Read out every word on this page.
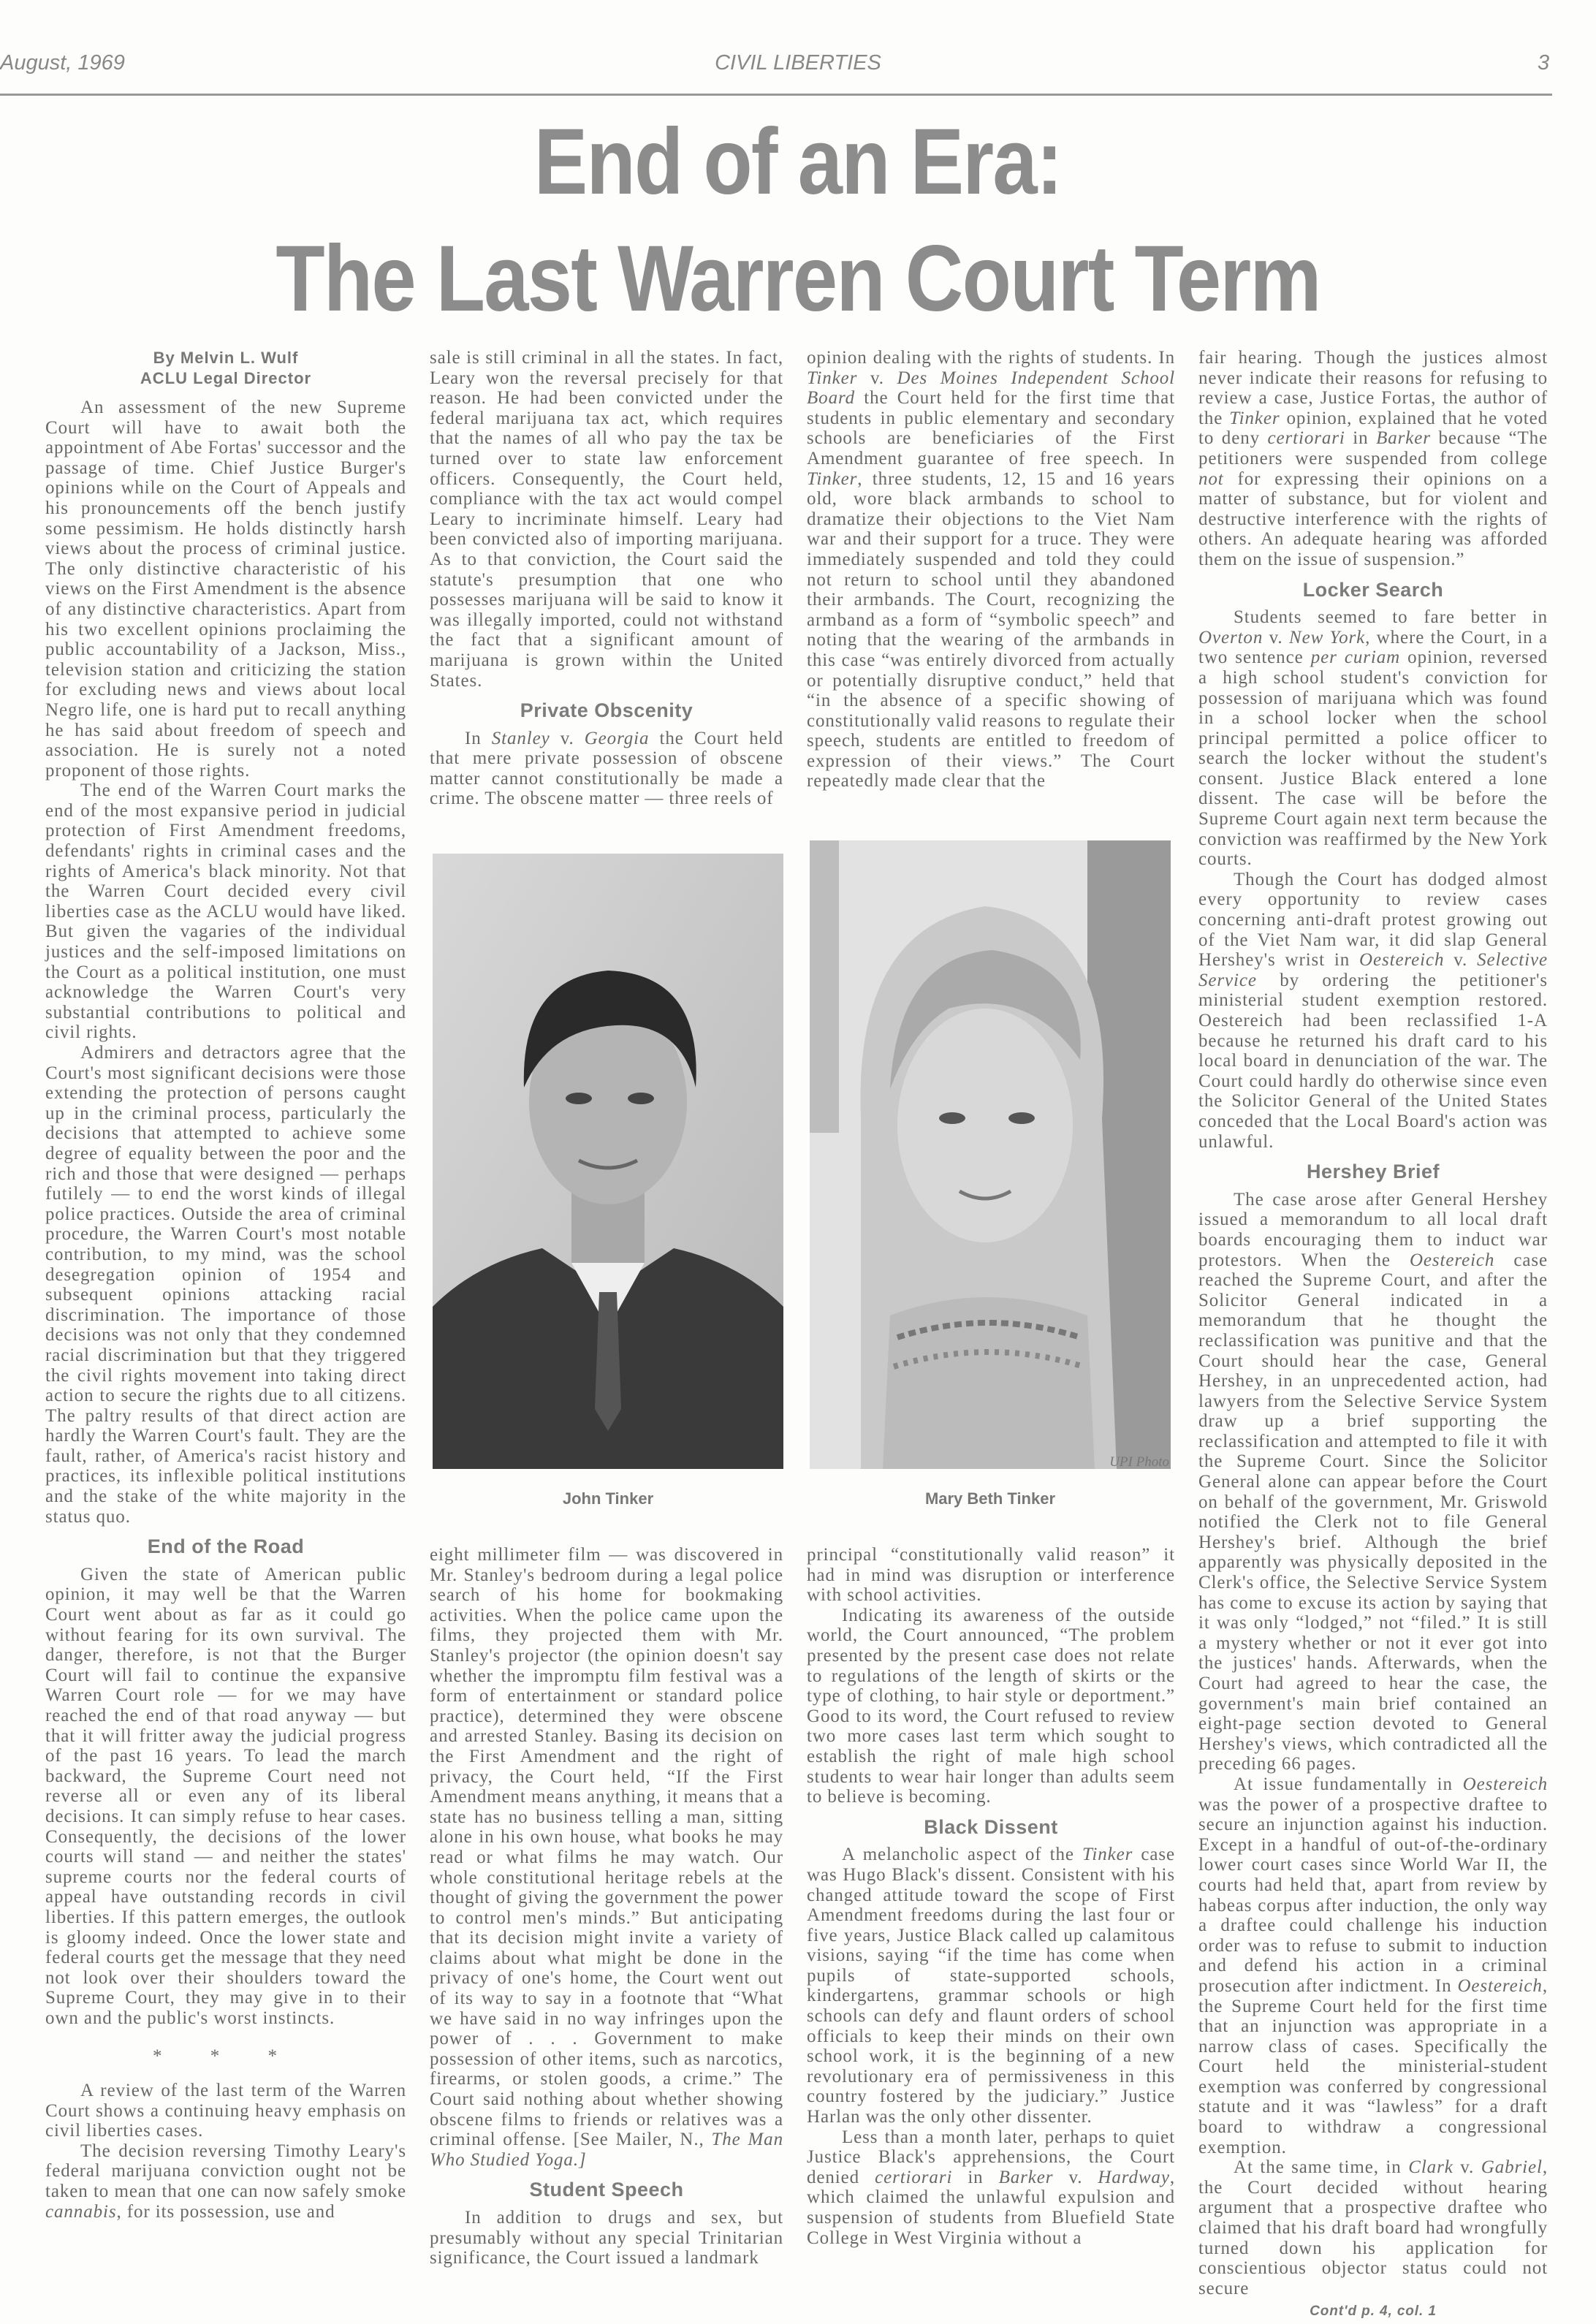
August, 1969	CIVIL LIBERTIES	3
End of an Era:
The Last Warren Court Term
By Melvin L. Wulf
ACLU Legal Director

An assessment of the new Supreme Court will have to await both the appointment of Abe Fortas' successor and the passage of time. Chief Justice Burger's opinions while on the Court of Appeals and his pronouncements off the bench justify some pessimism. He holds distinctly harsh views about the process of criminal justice. The only distinctive characteristic of his views on the First Amendment is the absence of any distinctive characteristics. Apart from his two excellent opinions proclaiming the public accountability of a Jackson, Miss., television station and criticizing the station for excluding news and views about local Negro life, one is hard put to recall anything he has said about freedom of speech and association. He is surely not a noted proponent of those rights.

The end of the Warren Court marks the end of the most expansive period in judicial protection of First Amendment freedoms, defendants' rights in criminal cases and the rights of America's black minority. Not that the Warren Court decided every civil liberties case as the ACLU would have liked. But given the vagaries of the individual justices and the self-imposed limitations on the Court as a political institution, one must acknowledge the Warren Court's very substantial contributions to political and civil rights.

Admirers and detractors agree that the Court's most significant decisions were those extending the protection of persons caught up in the criminal process, particularly the decisions that attempted to achieve some degree of equality between the poor and the rich and those that were designed — perhaps futilely — to end the worst kinds of illegal police practices. Outside the area of criminal procedure, the Warren Court's most notable contribution, to my mind, was the school desegregation opinion of 1954 and subsequent opinions attacking racial discrimination. The importance of those decisions was not only that they condemned racial discrimination but that they triggered the civil rights movement into taking direct action to secure the rights due to all citizens. The paltry results of that direct action are hardly the Warren Court's fault. They are the fault, rather, of America's racist history and practices, its inflexible political institutions and the stake of the white majority in the status quo.

End of the Road

Given the state of American public opinion, it may well be that the Warren Court went about as far as it could go without fearing for its own survival. The danger, therefore, is not that the Burger Court will fail to continue the expansive Warren Court role — for we may have reached the end of that road anyway — but that it will fritter away the judicial progress of the past 16 years. To lead the march backward, the Supreme Court need not reverse all or even any of its liberal decisions. It can simply refuse to hear cases. Consequently, the decisions of the lower courts will stand — and neither the states' supreme courts nor the federal courts of appeal have outstanding records in civil liberties. If this pattern emerges, the outlook is gloomy indeed. Once the lower state and federal courts get the message that they need not look over their shoulders toward the Supreme Court, they may give in to their own and the public's worst instincts.

* * *

A review of the last term of the Warren Court shows a continuing heavy emphasis on civil liberties cases.

The decision reversing Timothy Leary's federal marijuana conviction ought not be taken to mean that one can now safely smoke cannabis, for its possession, use and

sale is still criminal in all the states. In fact, Leary won the reversal precisely for that reason. He had been convicted under the federal marijuana tax act, which requires that the names of all who pay the tax be turned over to state law enforcement officers. Consequently, the Court held, compliance with the tax act would compel Leary to incriminate himself. Leary had been convicted also of importing marijuana. As to that conviction, the Court said the statute's presumption that one who possesses marijuana will be said to know it was illegally imported, could not withstand the fact that a significant amount of marijuana is grown within the United States.

Private Obscenity

In Stanley v. Georgia the Court held that mere private possession of obscene matter cannot constitutionally be made a crime. The obscene matter — three reels of

eight millimeter film — was discovered in Mr. Stanley's bedroom during a legal police search of his home for bookmaking activities. When the police came upon the films, they projected them with Mr. Stanley's projector (the opinion doesn't say whether the impromptu film festival was a form of entertainment or standard police practice), determined they were obscene and arrested Stanley. Basing its decision on the First Amendment and the right of privacy, the Court held, “If the First Amendment means anything, it means that a state has no business telling a man, sitting alone in his own house, what books he may read or what films he may watch. Our whole constitutional heritage rebels at the thought of giving the government the power to control men's minds.” But anticipating that its decision might invite a variety of claims about what might be done in the privacy of one's home, the Court went out of its way to say in a footnote that “What we have said in no way infringes upon the power of . . . Government to make possession of other items, such as narcotics, firearms, or stolen goods, a crime.” The Court said nothing about whether showing obscene films to friends or relatives was a criminal offense. [See Mailer, N., The Man Who Studied Yoga.]

Student Speech

In addition to drugs and sex, but presumably without any special Trinitarian significance, the Court issued a landmark

opinion dealing with the rights of students. In Tinker v. Des Moines Independent School Board the Court held for the first time that students in public elementary and secondary schools are beneficiaries of the First Amendment guarantee of free speech. In Tinker, three students, 12, 15 and 16 years old, wore black armbands to school to dramatize their objections to the Viet Nam war and their support for a truce. They were immediately suspended and told they could not return to school until they abandoned their armbands. The Court, recognizing the armband as a form of “symbolic speech” and noting that the wearing of the armbands in this case “was entirely divorced from actually or potentially disruptive conduct,” held that “in the absence of a specific showing of constitutionally valid reasons to regulate their speech, students are entitled to freedom of expression of their views.” The Court repeatedly made clear that the

principal “constitutionally valid reason” it had in mind was disruption or interference with school activities.

Indicating its awareness of the outside world, the Court announced, “The problem presented by the present case does not relate to regulations of the length of skirts or the type of clothing, to hair style or deportment.” Good to its word, the Court refused to review two more cases last term which sought to establish the right of male high school students to wear hair longer than adults seem to believe is becoming.

Black Dissent

A melancholic aspect of the Tinker case was Hugo Black's dissent. Consistent with his changed attitude toward the scope of First Amendment freedoms during the last four or five years, Justice Black called up calamitous visions, saying “if the time has come when pupils of state-supported schools, kindergartens, grammar schools or high schools can defy and flaunt orders of school officials to keep their minds on their own school work, it is the beginning of a new revolutionary era of permissiveness in this country fostered by the judiciary.” Justice Harlan was the only other dissenter.

Less than a month later, perhaps to quiet Justice Black's apprehensions, the Court denied certiorari in Barker v. Hardway, which claimed the unlawful expulsion and suspension of students from Bluefield State College in West Virginia without a

fair hearing. Though the justices almost never indicate their reasons for refusing to review a case, Justice Fortas, the author of the Tinker opinion, explained that he voted to deny certiorari in Barker because “The petitioners were suspended from college not for expressing their opinions on a matter of substance, but for violent and destructive interference with the rights of others. An adequate hearing was afforded them on the issue of suspension.”

Locker Search

Students seemed to fare better in Overton v. New York, where the Court, in a two sentence per curiam opinion, reversed a high school student's conviction for possession of marijuana which was found in a school locker when the school principal permitted a police officer to search the locker without the student's consent. Justice Black entered a lone dissent. The case will be before the Supreme Court again next term because the conviction was reaffirmed by the New York courts.

Though the Court has dodged almost every opportunity to review cases concerning anti-draft protest growing out of the Viet Nam war, it did slap General Hershey's wrist in Oestereich v. Selective Service by ordering the petitioner's ministerial student exemption restored. Oestereich had been reclassified 1-A because he returned his draft card to his local board in denunciation of the war. The Court could hardly do otherwise since even the Solicitor General of the United States conceded that the Local Board's action was unlawful.

Hershey Brief

The case arose after General Hershey issued a memorandum to all local draft boards encouraging them to induct war protestors. When the Oestereich case reached the Supreme Court, and after the Solicitor General indicated in a memorandum that he thought the reclassification was punitive and that the Court should hear the case, General Hershey, in an unprecedented action, had lawyers from the Selective Service System draw up a brief supporting the reclassification and attempted to file it with the Supreme Court. Since the Solicitor General alone can appear before the Court on behalf of the government, Mr. Griswold notified the Clerk not to file General Hershey's brief. Although the brief apparently was physically deposited in the Clerk's office, the Selective Service System has come to excuse its action by saying that it was only “lodged,” not “filed.” It is still a mystery whether or not it ever got into the justices' hands. Afterwards, when the Court had agreed to hear the case, the government's main brief contained an eight-page section devoted to General Hershey's views, which contradicted all the preceding 66 pages.

At issue fundamentally in Oestereich was the power of a prospective draftee to secure an injunction against his induction. Except in a handful of out-of-the-ordinary lower court cases since World War II, the courts had held that, apart from review by habeas corpus after induction, the only way a draftee could challenge his induction order was to refuse to submit to induction and defend his action in a criminal prosecution after indictment. In Oestereich, the Supreme Court held for the first time that an injunction was appropriate in a narrow class of cases. Specifically the Court held the ministerial-student exemption was conferred by congressional statute and it was “lawless” for a draft board to withdraw a congressional exemption.

At the same time, in Clark v. Gabriel, the Court decided without hearing argument that a prospective draftee who claimed that his draft board had wrongfully turned down his application for conscientious objector status could not secure

Cont'd p. 4, col. 1
UPI Photo
John Tinker	Mary Beth Tinker
